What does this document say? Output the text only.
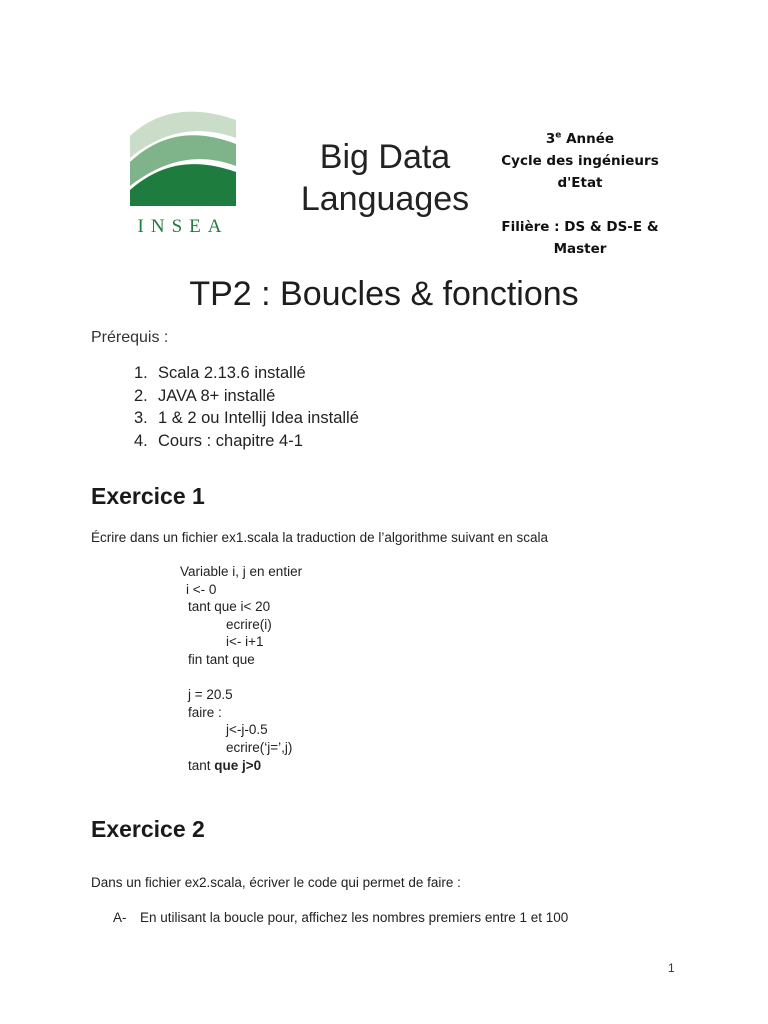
INSEA
Big Data
Languages
3e Année
Cycle des ingénieurs
d'Etat
Filière : DS & DS-E &
Master
TP2 : Boucles & fonctions
Prérequis :
1. Scala 2.13.6 installé
2. JAVA 8+ installé
3. 1 & 2 ou Intellij Idea installé
4. Cours : chapitre 4-1
Exercice 1
Écrire dans un fichier ex1.scala la traduction de l’algorithme suivant en scala
Variable i, j en entier
i <- 0
tant que i< 20
ecrire(i)
i<- i+1
fin tant que
j = 20.5
faire :
j<-j-0.5
ecrire(‘j=’,j)
tant que j>0
Exercice 2
Dans un fichier ex2.scala, écriver le code qui permet de faire :
A- En utilisant la boucle pour, affichez les nombres premiers entre 1 et 100
1
